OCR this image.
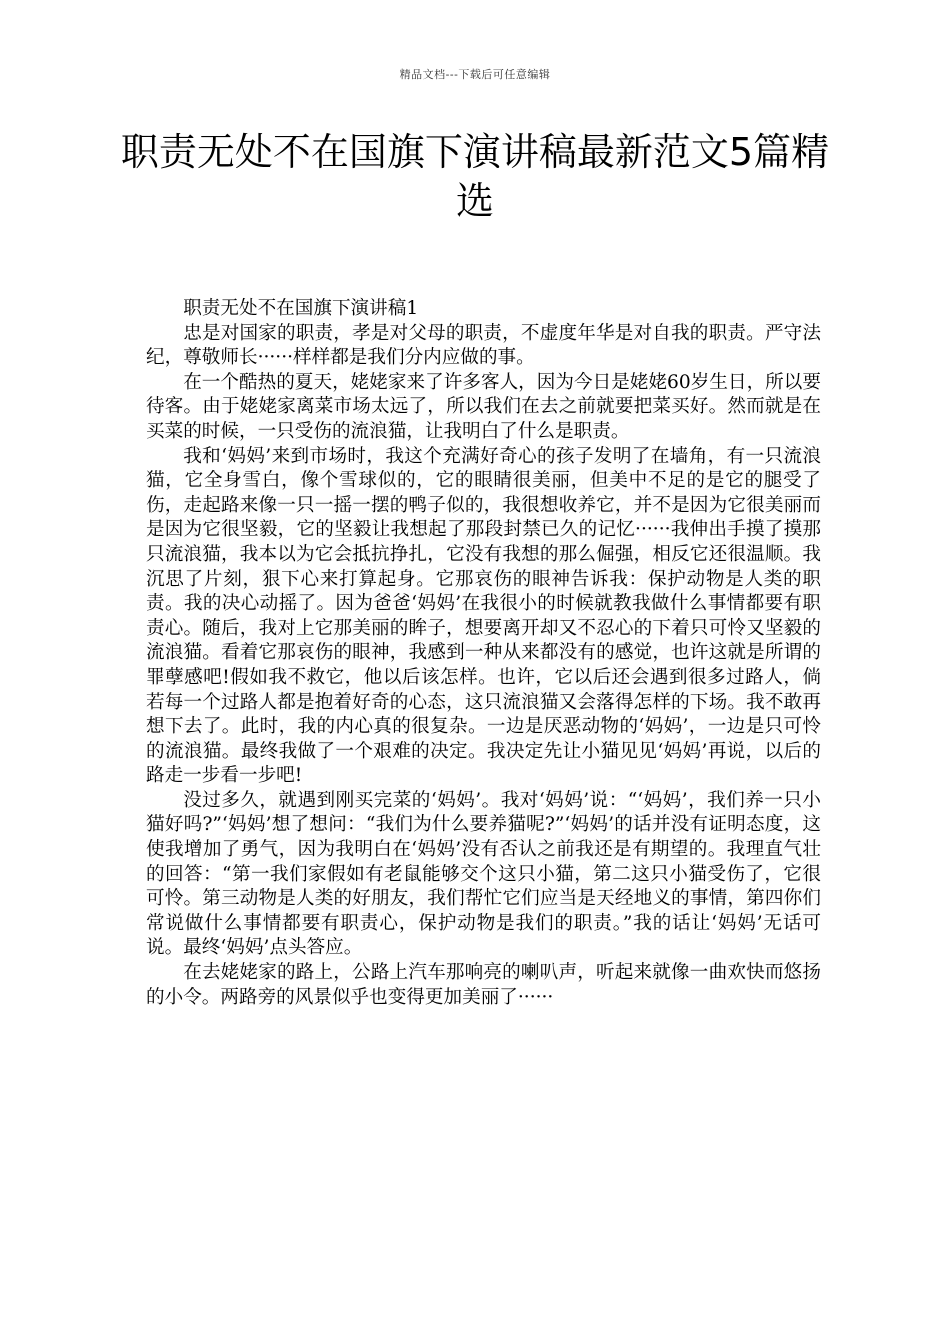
精品文档---下载后可任意编辑
职责无处不在国旗下演讲稿最新范文5篇精选

职责无处不在国旗下演讲稿1

忠是对国家的职责，孝是对父母的职责，不虚度年华是对自我的职责。严守法纪，尊敬师长······样样都是我们分内应做的事。

在一个酷热的夏天，姥姥家来了许多客人，因为今日是姥姥60岁生日，所以要待客。由于姥姥家离菜市场太远了，所以我们在去之前就要把菜买好。然而就是在买菜的时候，一只受伤的流浪猫，让我明白了什么是职责。

我和‘妈妈’来到市场时，我这个充满好奇心的孩子发明了在墙角，有一只流浪猫，它全身雪白，像个雪球似的，它的眼睛很美丽，但美中不足的是它的腿受了伤，走起路来像一只一摇一摆的鸭子似的，我很想收养它，并不是因为它很美丽而是因为它很坚毅，它的坚毅让我想起了那段封禁已久的记忆······我伸出手摸了摸那只流浪猫，我本以为它会抵抗挣扎，它没有我想的那么倔强，相反它还很温顺。我沉思了片刻，狠下心来打算起身。它那哀伤的眼神告诉我：保护动物是人类的职责。我的决心动摇了。因为爸爸‘妈妈’在我很小的时候就教我做什么事情都要有职责心。随后，我对上它那美丽的眸子，想要离开却又不忍心的下着只可怜又坚毅的流浪猫。看着它那哀伤的眼神，我感到一种从来都没有的感觉，也许这就是所谓的罪孽感吧!假如我不救它，他以后该怎样。也许，它以后还会遇到很多过路人，倘若每一个过路人都是抱着好奇的心态，这只流浪猫又会落得怎样的下场。我不敢再想下去了。此时，我的内心真的很复杂。一边是厌恶动物的‘妈妈’，一边是只可怜的流浪猫。最终我做了一个艰难的决定。我决定先让小猫见见‘妈妈’再说，以后的路走一步看一步吧!

没过多久，就遇到刚买完菜的‘妈妈’。我对‘妈妈’说：“‘妈妈’，我们养一只小猫好吗?”‘妈妈’想了想问：“我们为什么要养猫呢?”‘妈妈’的话并没有证明态度，这使我增加了勇气，因为我明白在‘妈妈’没有否认之前我还是有期望的。我理直气壮的回答：“第一我们家假如有老鼠能够交个这只小猫，第二这只小猫受伤了，它很可怜。第三动物是人类的好朋友，我们帮忙它们应当是天经地义的事情，第四你们常说做什么事情都要有职责心，保护动物是我们的职责。”我的话让‘妈妈’无话可说。最终‘妈妈’点头答应。

在去姥姥家的路上，公路上汽车那响亮的喇叭声，听起来就像一曲欢快而悠扬的小令。两路旁的风景似乎也变得更加美丽了······
